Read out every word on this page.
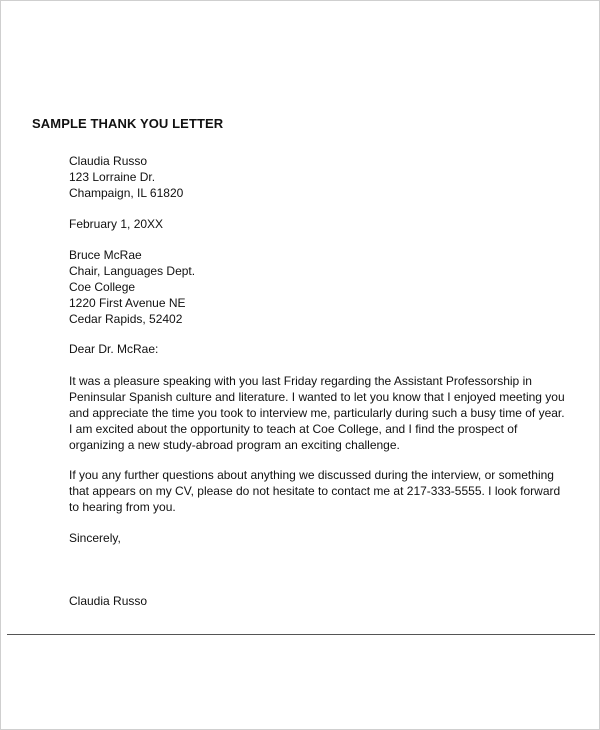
SAMPLE THANK YOU LETTER
Claudia Russo
123 Lorraine Dr.
Champaign, IL 61820
February 1, 20XX
Bruce McRae
Chair, Languages Dept.
Coe College
1220 First Avenue NE
Cedar Rapids, 52402
Dear Dr. McRae:
It was a pleasure speaking with you last Friday regarding the Assistant Professorship in
Peninsular Spanish culture and literature. I wanted to let you know that I enjoyed meeting you
and appreciate the time you took to interview me, particularly during such a busy time of year.
I am excited about the opportunity to teach at Coe College, and I find the prospect of
organizing a new study-abroad program an exciting challenge.
If you any further questions about anything we discussed during the interview, or something
that appears on my CV, please do not hesitate to contact me at 217-333-5555. I look forward
to hearing from you.
Sincerely,
Claudia Russo
